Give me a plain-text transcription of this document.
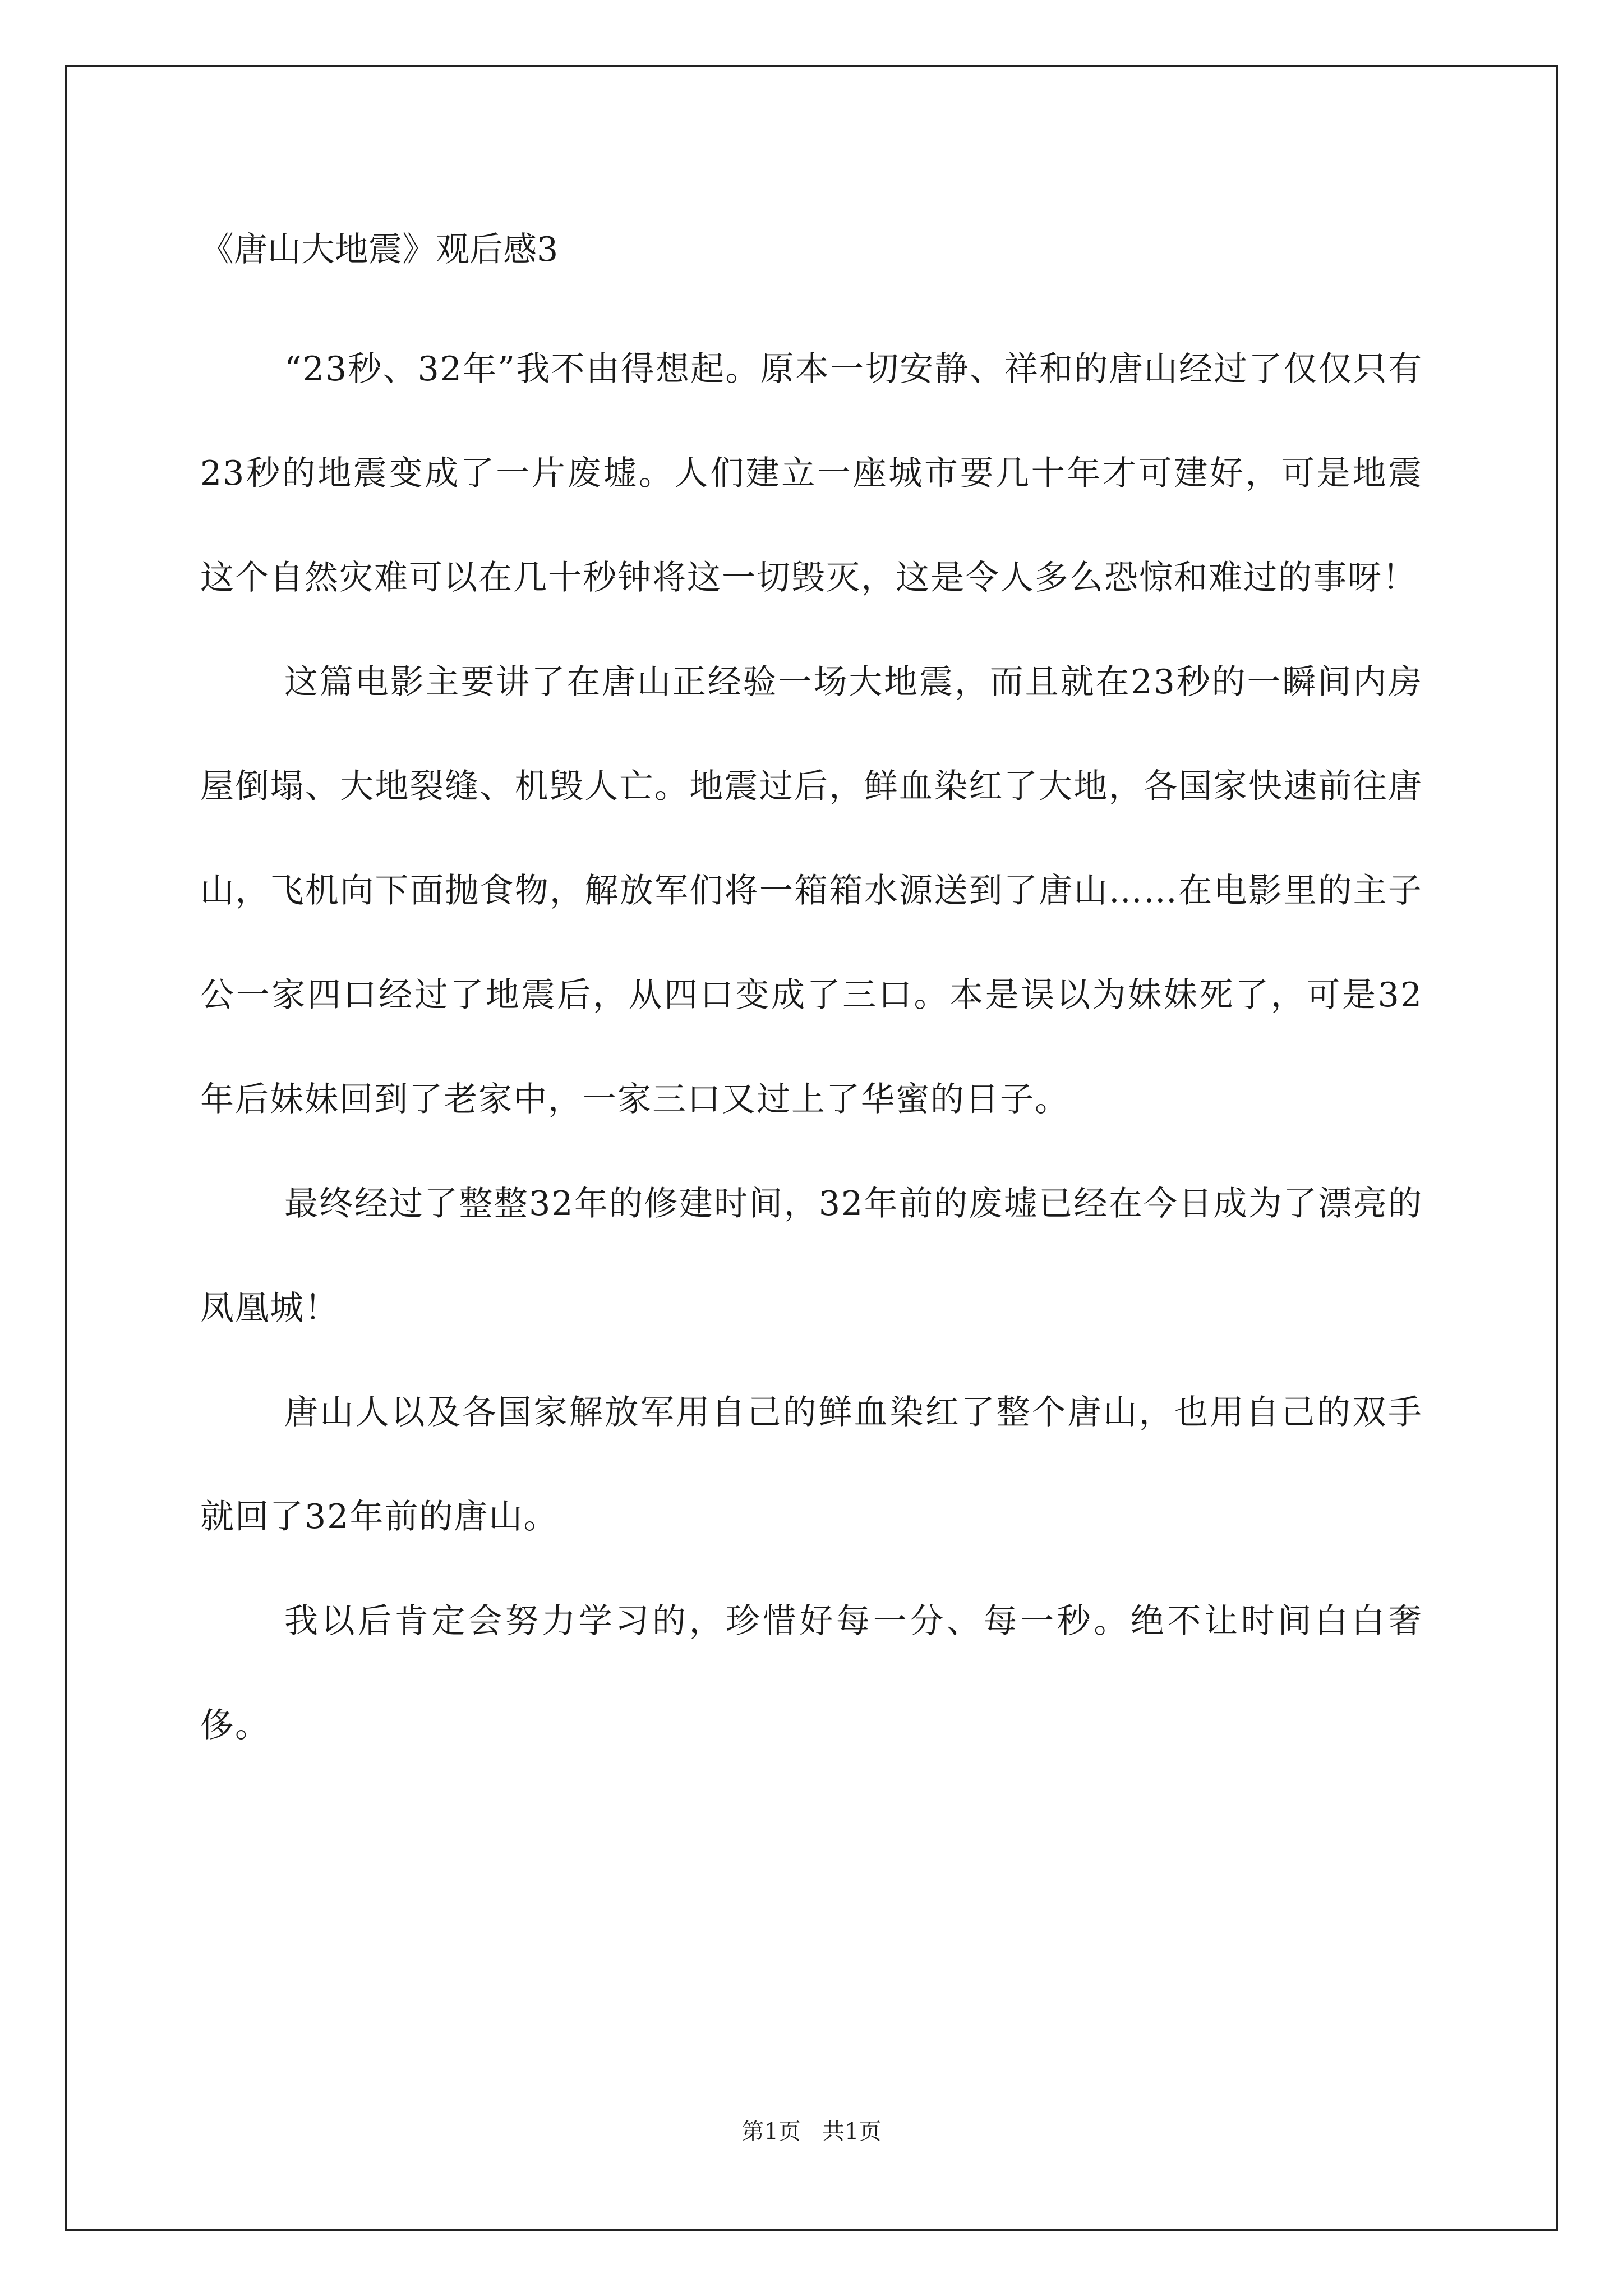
《唐山大地震》观后感3

“23秒、32年”我不由得想起。原本一切安静、祥和的唐山经过了仅仅只有23秒的地震变成了一片废墟。人们建立一座城市要几十年才可建好，可是地震这个自然灾难可以在几十秒钟将这一切毁灭，这是令人多么恐惊和难过的事呀！

这篇电影主要讲了在唐山正经验一场大地震，而且就在23秒的一瞬间内房屋倒塌、大地裂缝、机毁人亡。地震过后，鲜血染红了大地，各国家快速前往唐山，飞机向下面抛食物，解放军们将一箱箱水源送到了唐山……在电影里的主子公一家四口经过了地震后，从四口变成了三口。本是误以为妹妹死了，可是32年后妹妹回到了老家中，一家三口又过上了华蜜的日子。

最终经过了整整32年的修建时间，32年前的废墟已经在今日成为了漂亮的凤凰城！

唐山人以及各国家解放军用自己的鲜血染红了整个唐山，也用自己的双手就回了32年前的唐山。

我以后肯定会努力学习的，珍惜好每一分、每一秒。绝不让时间白白奢侈。

第1页   共1页
